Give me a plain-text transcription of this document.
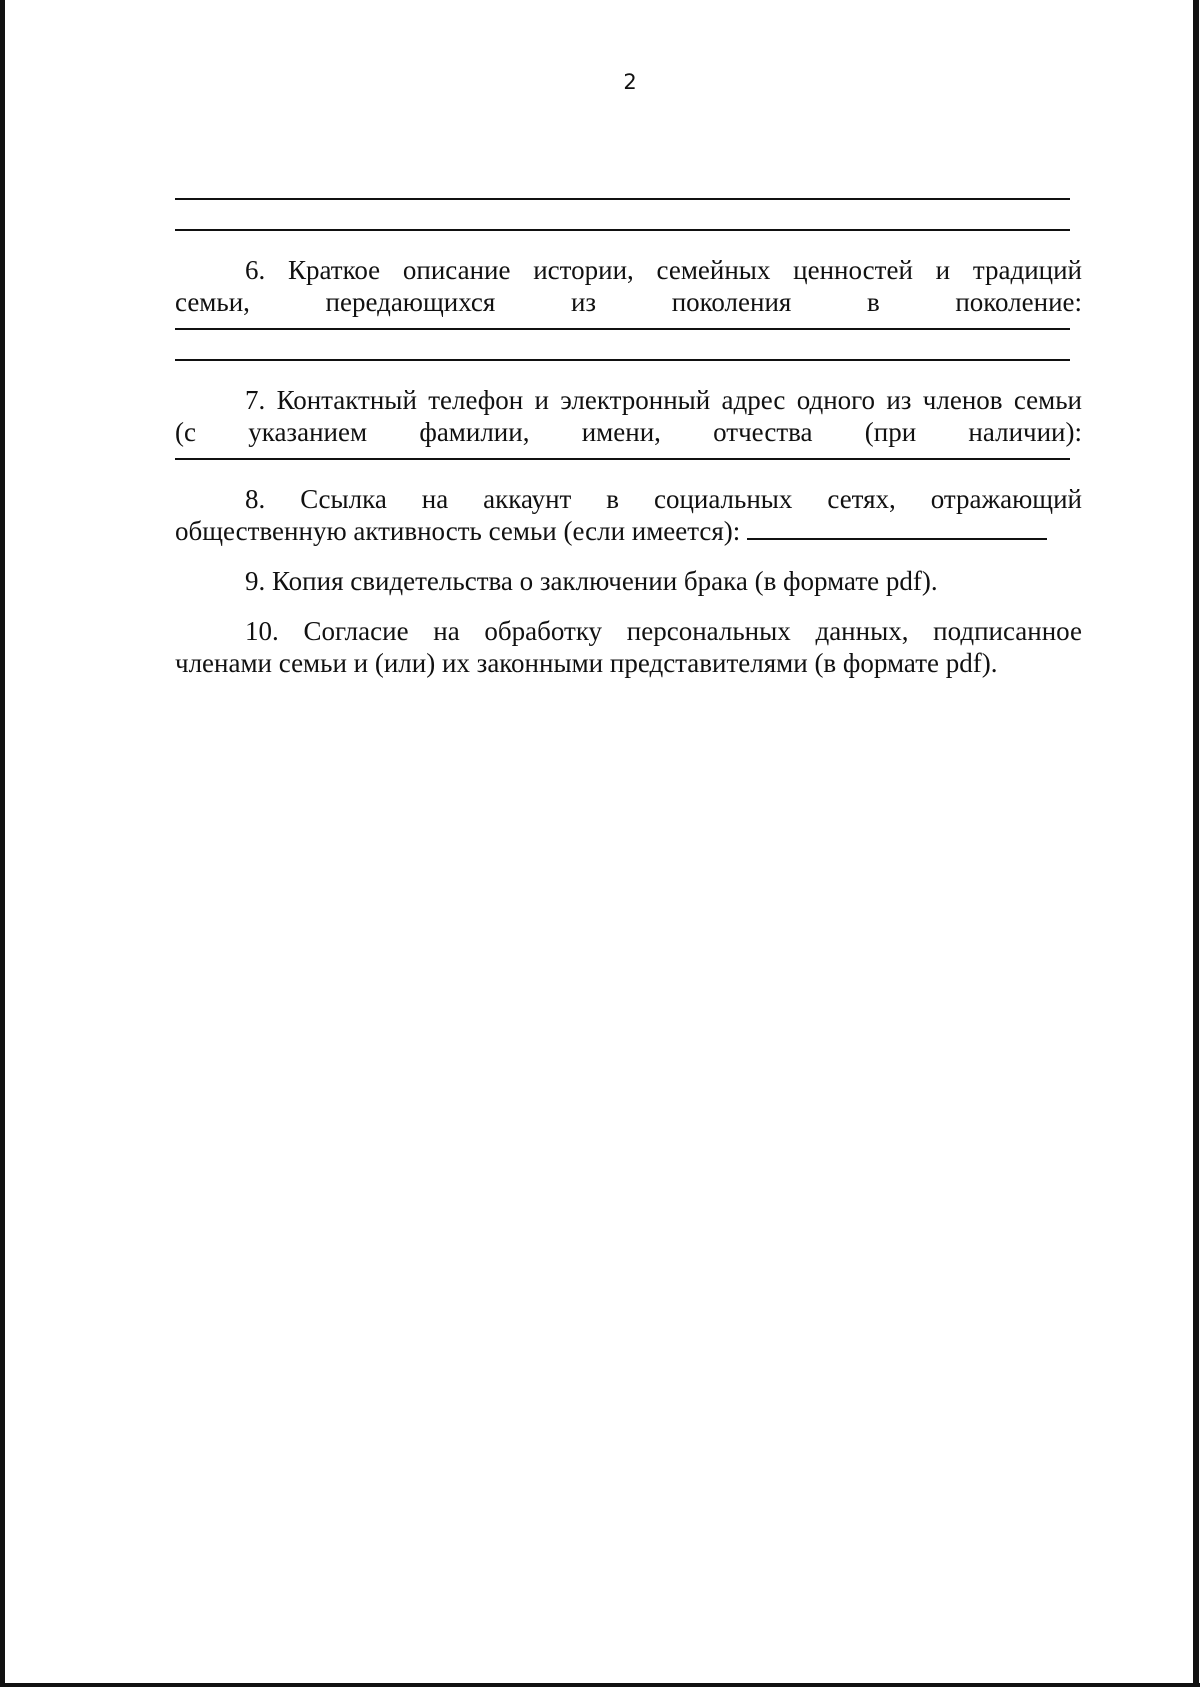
2

6. Краткое описание истории, семейных ценностей и традиций

семьи, передающихся из поколения в поколение:

7. Контактный телефон и электронный адрес одного из членов семьи

(с указанием фамилии, имени, отчества (при наличии):

8. Ссылка на аккаунт в социальных сетях, отражающий

общественную активность семьи (если имеется):

9. Копия свидетельства о заключении брака (в формате pdf).

10. Согласие на обработку персональных данных, подписанное

членами семьи и (или) их законными представителями (в формате pdf).
